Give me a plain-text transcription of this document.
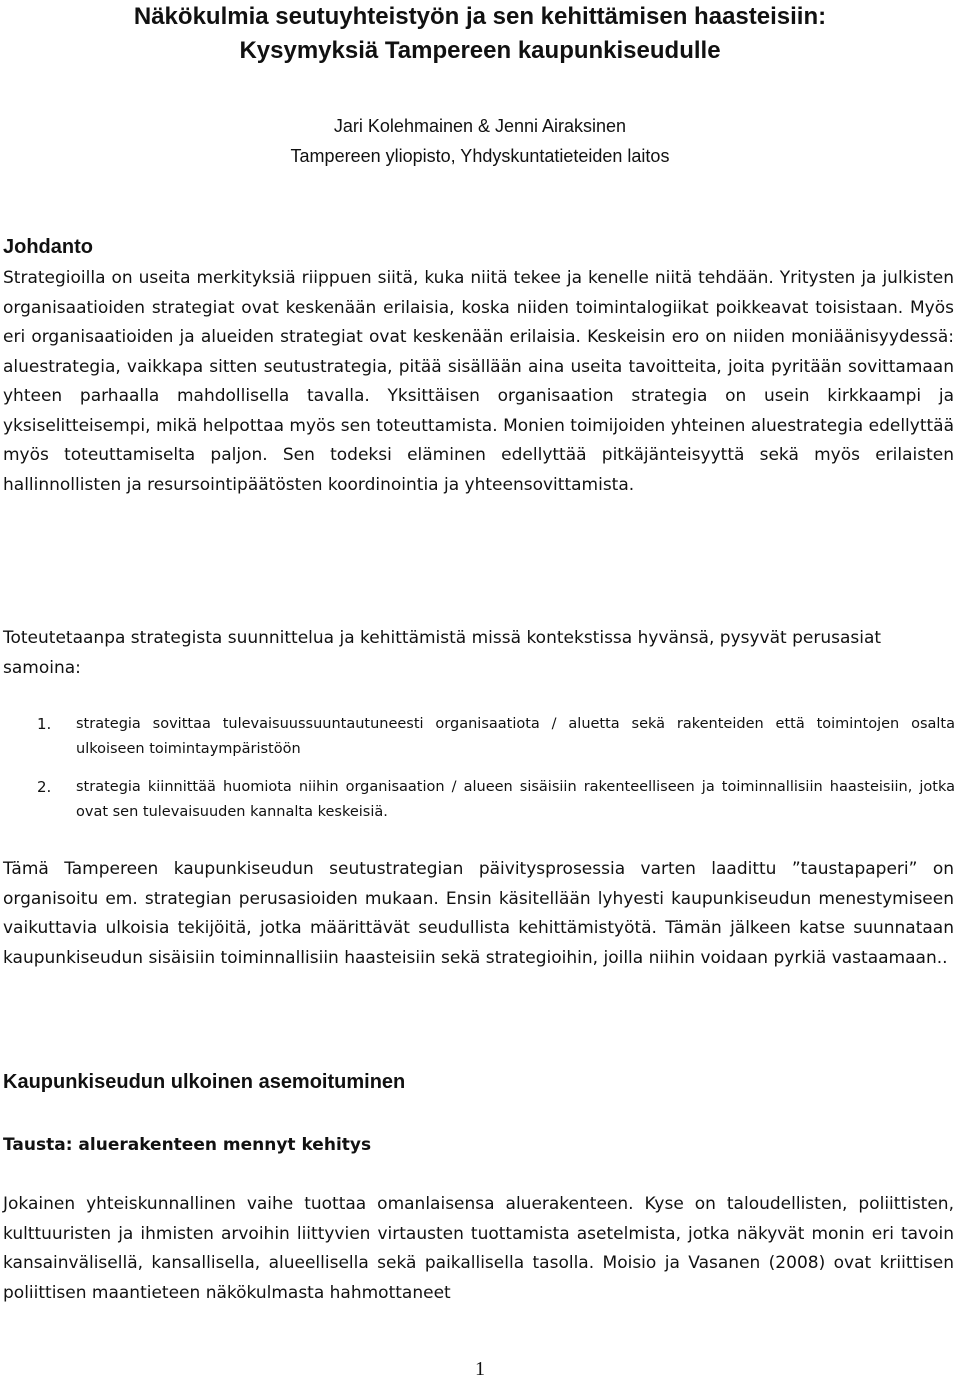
Näkökulmia seutuyhteistyön ja sen kehittämisen haasteisiin:
Kysymyksiä Tampereen kaupunkiseudulle
Jari Kolehmainen & Jenni Airaksinen
Tampereen yliopisto, Yhdyskuntatieteiden laitos
Johdanto

Strategioilla on useita merkityksiä riippuen siitä, kuka niitä tekee ja kenelle niitä tehdään. Yritysten ja julkisten organisaatioiden strategiat ovat keskenään erilaisia, koska niiden toimintalogiikat poikkeavat toisistaan. Myös eri organisaatioiden ja alueiden strategiat ovat keskenään erilaisia. Keskeisin ero on niiden moniäänisyydessä: aluestrategia, vaikkapa sitten seutustrategia, pitää sisällään aina useita tavoitteita, joita pyritään sovittamaan yhteen parhaalla mahdollisella tavalla. Yksittäisen organisaation strategia on usein kirkkaampi ja yksiselitteisempi, mikä helpottaa myös sen toteuttamista. Monien toimijoiden yhteinen aluestrategia edellyttää myös toteuttamiselta paljon. Sen todeksi eläminen edellyttää pitkäjänteisyyttä sekä myös erilaisten hallinnollisten ja resursointipäätösten koordinointia ja yhteensovittamista.

Toteutetaanpa strategista suunnittelua ja kehittämistä missä kontekstissa hyvänsä, pysyvät perusasiat samoina:

1. strategia sovittaa tulevaisuussuuntautuneesti organisaatiota / aluetta sekä rakenteiden että toimintojen osalta ulkoiseen toimintaympäristöön

2. strategia kiinnittää huomiota niihin organisaation / alueen sisäisiin rakenteelliseen ja toiminnallisiin haasteisiin, jotka ovat sen tulevaisuuden kannalta keskeisiä.

Tämä Tampereen kaupunkiseudun seutustrategian päivitysprosessia varten laadittu ”taustapaperi” on organisoitu em. strategian perusasioiden mukaan. Ensin käsitellään lyhyesti kaupunkiseudun menestymiseen vaikuttavia ulkoisia tekijöitä, jotka määrittävät seudullista kehittämistyötä. Tämän jälkeen katse suunnataan kaupunkiseudun sisäisiin toiminnallisiin haasteisiin sekä strategioihin, joilla niihin voidaan pyrkiä vastaamaan..

Kaupunkiseudun ulkoinen asemoituminen
Tausta: aluerakenteen mennyt kehitys

Jokainen yhteiskunnallinen vaihe tuottaa omanlaisensa aluerakenteen. Kyse on taloudellisten, poliittisten, kulttuuristen ja ihmisten arvoihin liittyvien virtausten tuottamista asetelmista, jotka näkyvät monin eri tavoin kansainvälisellä, kansallisella, alueellisella sekä paikallisella tasolla. Moisio ja Vasanen (2008) ovat kriittisen poliittisen maantieteen näkökulmasta hahmottaneet

1
